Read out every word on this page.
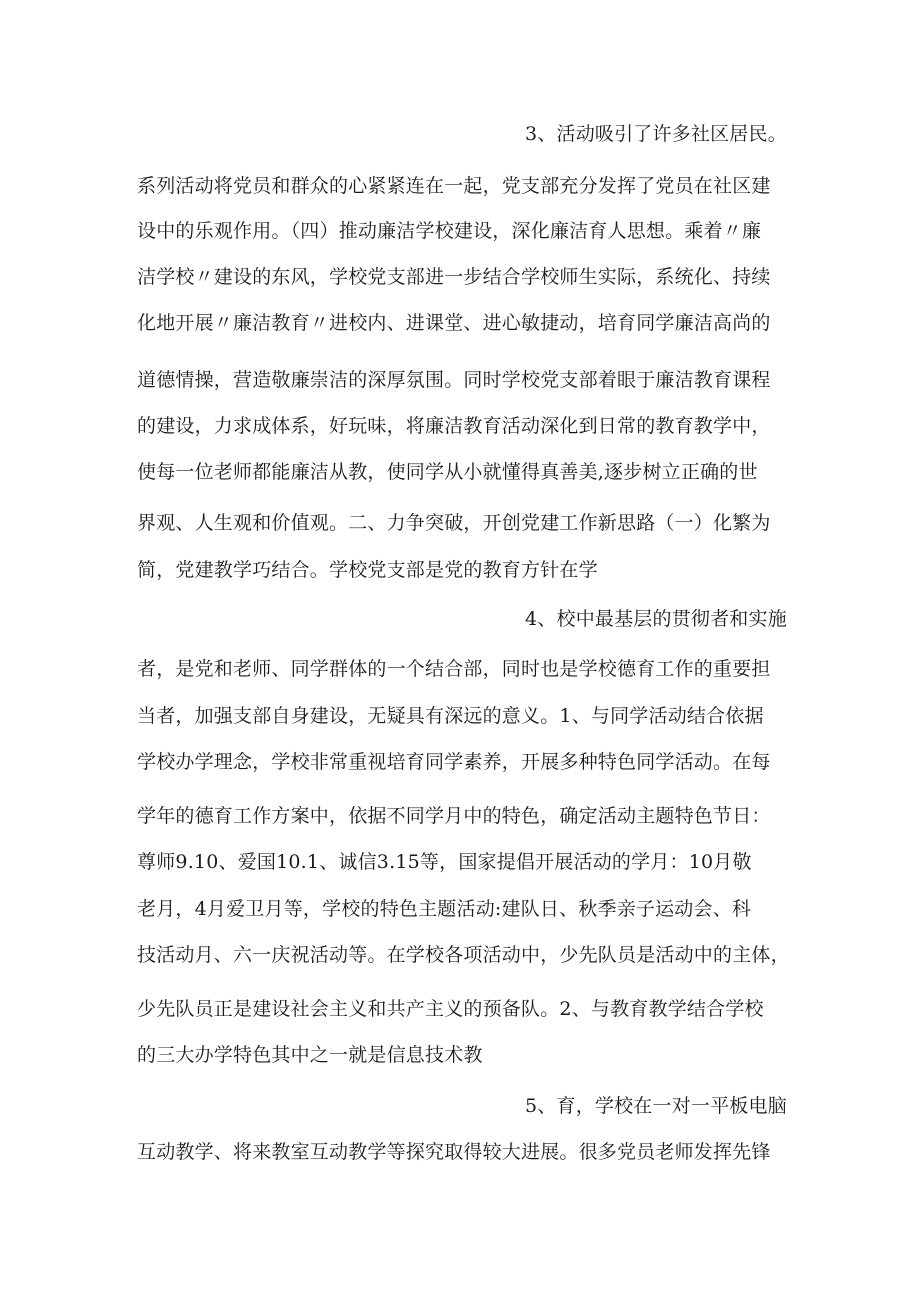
3、活动吸引了许多社区居民。
系列活动将党员和群众的心紧紧连在一起，党支部充分发挥了党员在社区建
设中的乐观作用。（四）推动廉洁学校建设，深化廉洁育人思想。乘着〃廉
洁学校〃建设的东风，学校党支部进一步结合学校师生实际，系统化、持续
化地开展〃廉洁教育〃进校内、进课堂、进心敏捷动，培育同学廉洁高尚的
道德情操，营造敬廉崇洁的深厚氛围。同时学校党支部着眼于廉洁教育课程
的建设，力求成体系，好玩味，将廉洁教育活动深化到日常的教育教学中，
使每一位老师都能廉洁从教，使同学从小就懂得真善美,逐步树立正确的世
界观、人生观和价值观。二、力争突破，开创党建工作新思路（一）化繁为
简，党建教学巧结合。学校党支部是党的教育方针在学
4、校中最基层的贯彻者和实施
者，是党和老师、同学群体的一个结合部，同时也是学校德育工作的重要担
当者，加强支部自身建设，无疑具有深远的意义。1、与同学活动结合依据
学校办学理念，学校非常重视培育同学素养，开展多种特色同学活动。在每
学年的德育工作方案中，依据不同学月中的特色，确定活动主题特色节日：
尊师9.10、爱国10.1、诚信3.15等，国家提倡开展活动的学月：10月敬
老月，4月爱卫月等，学校的特色主题活动:建队日、秋季亲子运动会、科
技活动月、六一庆祝活动等。在学校各项活动中，少先队员是活动中的主体，
少先队员正是建设社会主义和共产主义的预备队。2、与教育教学结合学校
的三大办学特色其中之一就是信息技术教
5、育，学校在一对一平板电脑
互动教学、将来教室互动教学等探究取得较大进展。很多党员老师发挥先锋
